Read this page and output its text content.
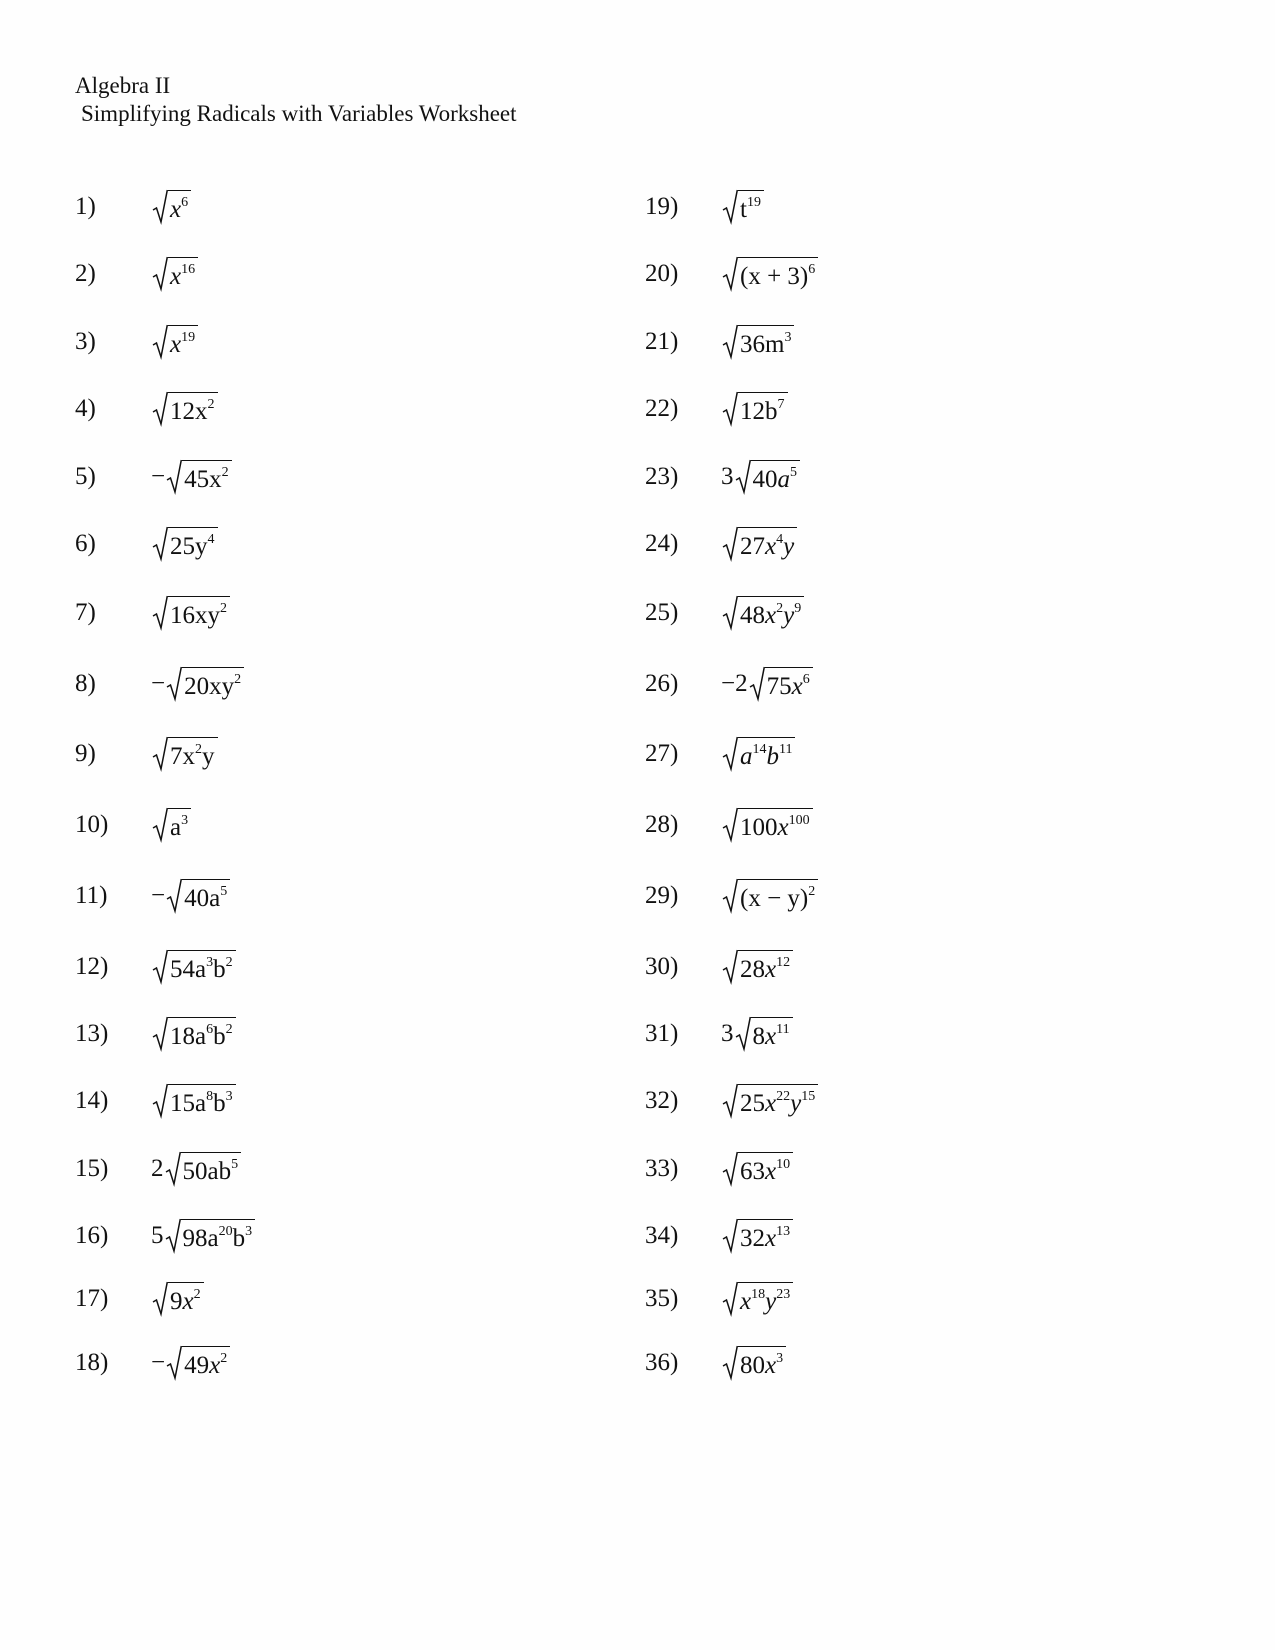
Algebra II
Simplifying Radicals with Variables Worksheet
1)	$x^6$
2)	$x^{16}$
3)	$x^{19}$
4)	$12x^2$
$5) - 45x^2$
6)	$25y^4$
7)	$16xy^2$
$8) - 20xy^2$
9)	$7x^2y$
10) $a^3$
$11) - 40a^5$
12) $54a^3b^2$
13) $18a^6b^2$
14) $15a^8b^3$
15) 2 $50ab^5$
16) 5 $98a^{20}b^3$
17) $9x^2$
$18) - 49x^2$
19) $t^{19}$
20) $(x + 3)^6$
21) $36m^3$
22) $12b^7$
23) 3 $40a^5$
24) $27x^4y$
25) $48x^2y^9$
26) −2 $75x^6$
27) $a^{14}b^{11}$
28) $100x^{100}$
29) $(x - y)^2$
30) $28x^{12}$
31) 3 $8x^{11}$
32) $25x^{22}y^{15}$
33) $63x^{10}$
34) $32x^{13}$
35) $x^{18}y^{23}$
36) $80x^3$
